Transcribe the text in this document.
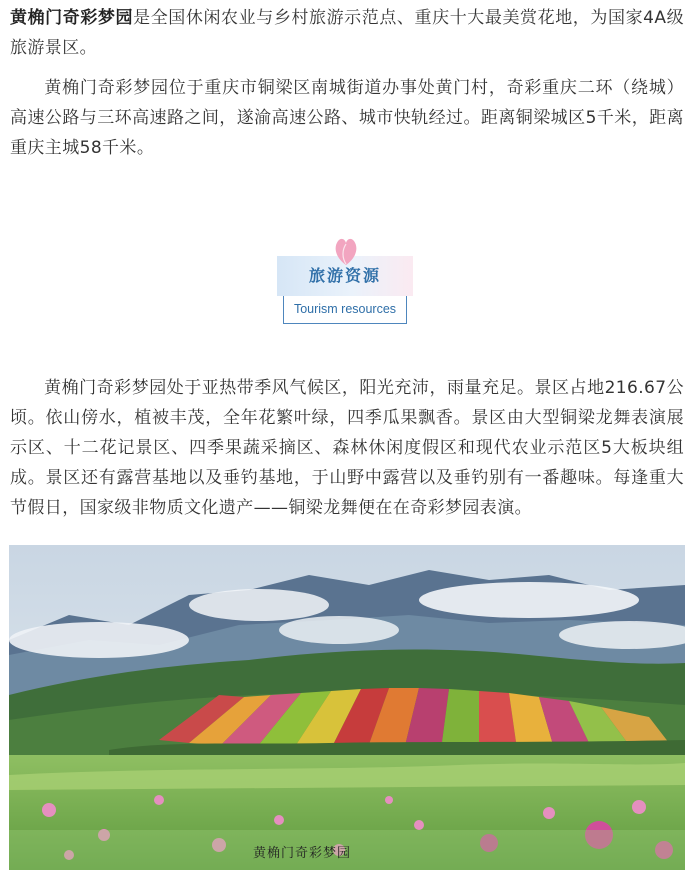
黄桷门奇彩梦园是全国休闲农业与乡村旅游示范点、重庆十大最美赏花地，为国家4A级旅游景区。

黄桷门奇彩梦园位于重庆市铜梁区南城街道办事处黄门村，奇彩重庆二环（绕城）高速公路与三环高速路之间，遂渝高速公路、城市快轨经过。距离铜梁城区5千米，距离重庆主城58千米。

旅游资源
Tourism resources

黄桷门奇彩梦园处于亚热带季风气候区，阳光充沛，雨量充足。景区占地216.67公顷。依山傍水，植被丰茂，全年花繁叶绿，四季瓜果飘香。景区由大型铜梁龙舞表演展示区、十二花记景区、四季果蔬采摘区、森林休闲度假区和现代农业示范区5大板块组成。景区还有露营基地以及垂钓基地，于山野中露营以及垂钓别有一番趣味。每逢重大节假日，国家级非物质文化遗产——铜梁龙舞便在在奇彩梦园表演。

黄桷门奇彩梦园
